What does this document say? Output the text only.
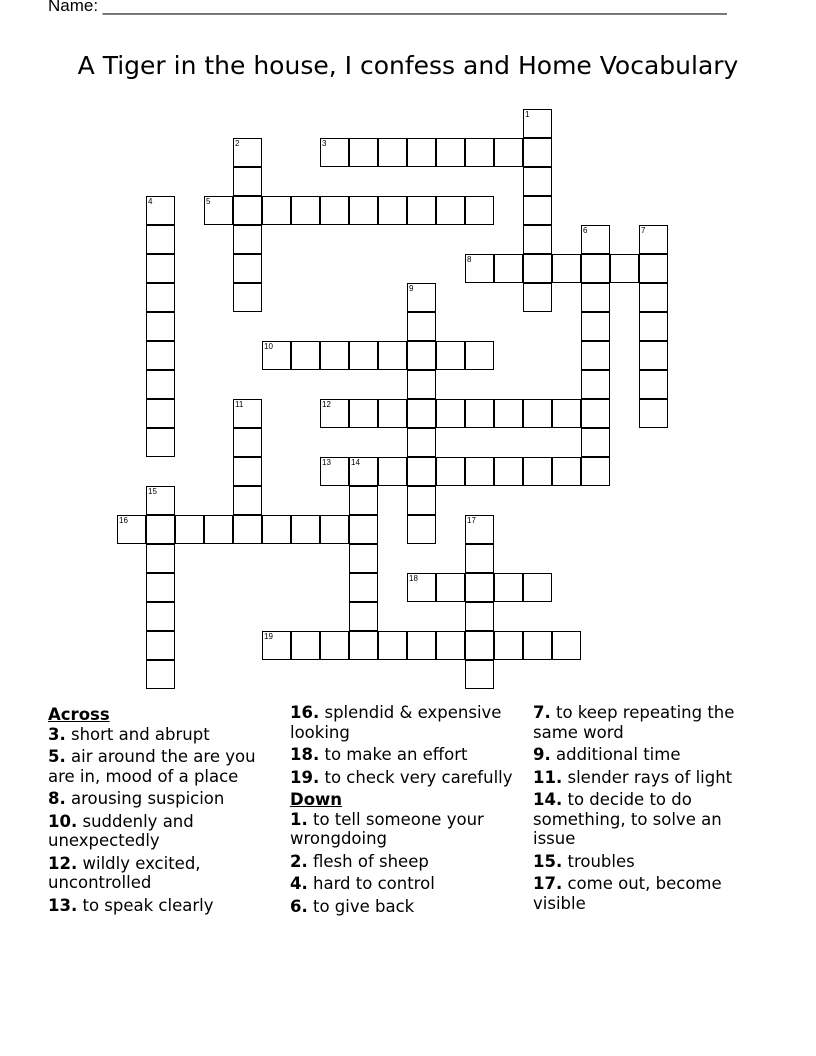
Name: __________________________________________________________________
A Tiger in the house, I confess and Home Vocabulary
1
2	3
4	5
6	7
8
9
10
11	12
13	14
15
16	17
18
19
Across
3. short and abrupt
5. air around the are you are in, mood of a place
8. arousing suspicion
10. suddenly and unexpectedly
12. wildly excited, uncontrolled
13. to speak clearly
16. splendid & expensive looking
18. to make an effort
19. to check very carefully
Down
1. to tell someone your wrongdoing
2. flesh of sheep
4. hard to control
6. to give back
7. to keep repeating the same word
9. additional time
11. slender rays of light
14. to decide to do something, to solve an issue
15. troubles
17. come out, become visible
